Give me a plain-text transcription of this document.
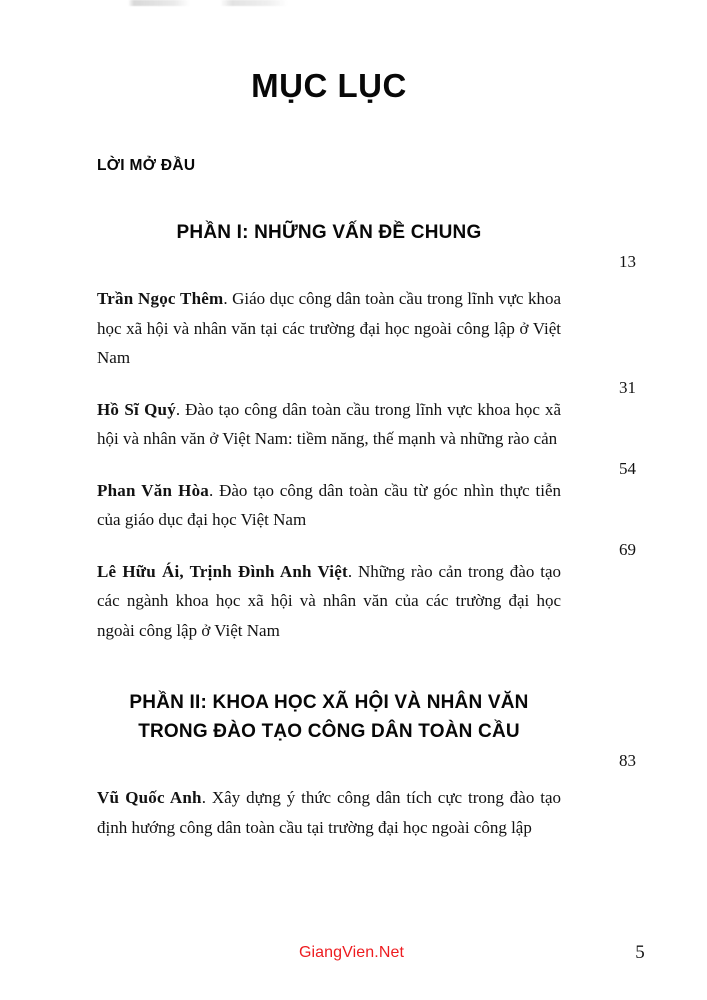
MỤC LỤC
LỜI MỞ ĐẦU
PHẦN I: NHỮNG VẤN ĐỀ CHUNG

Trần Ngọc Thêm. Giáo dục công dân toàn cầu trong lĩnh vực khoa học xã hội và nhân văn tại các trường đại học ngoài công lập ở Việt Nam
13

Hồ Sĩ Quý. Đào tạo công dân toàn cầu trong lĩnh vực khoa học xã hội và nhân văn ở Việt Nam: tiềm năng, thế mạnh và những rào cản
31

Phan Văn Hòa. Đào tạo công dân toàn cầu từ góc nhìn thực tiễn của giáo dục đại học Việt Nam
54

Lê Hữu Ái, Trịnh Đình Anh Việt. Những rào cản trong đào tạo các ngành khoa học xã hội và nhân văn của các trường đại học ngoài công lập ở Việt Nam
69

PHẦN II: KHOA HỌC XÃ HỘI VÀ NHÂN VĂN
TRONG ĐÀO TẠO CÔNG DÂN TOÀN CẦU

Vũ Quốc Anh. Xây dựng ý thức công dân tích cực trong đào tạo định hướng công dân toàn cầu tại trường đại học ngoài công lập
83

GiangVien.Net	5
